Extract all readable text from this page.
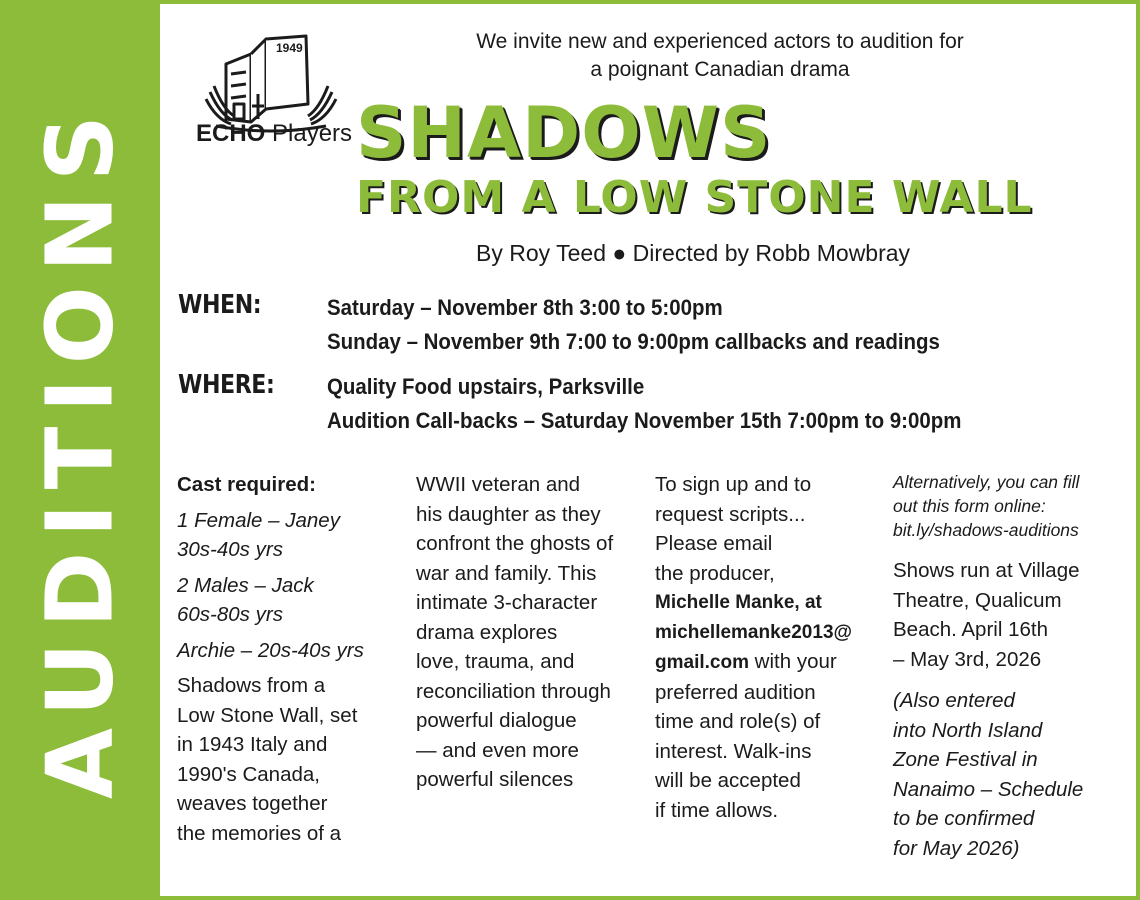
AUDITIONS
1949
ECHO Players
We invite new and experienced actors to audition for
a poignant Canadian drama
SHADOWS
FROM A LOW STONE WALL
By Roy Teed ● Directed by Robb Mowbray
WHEN:	Saturday – November 8th 3:00 to 5:00pm
Sunday – November 9th 7:00 to 9:00pm callbacks and readings
WHERE: Quality Food upstairs, Parksville
Audition Call-backs – Saturday November 15th 7:00pm to 9:00pm

Cast required:

1 Female – Janey

30s-40s yrs

2 Males – Jack

60s-80s yrs

Archie – 20s-40s yrs

Shadows from a

Low Stone Wall, set

in 1943 Italy and

1990's Canada,

weaves together

the memories of a

WWII veteran and

his daughter as they

confront the ghosts of

war and family. This

intimate 3-character

drama explores

love, trauma, and

reconciliation through

powerful dialogue

— and even more

powerful silences

To sign up and to

request scripts...

Please email

the producer,

Michelle Manke, at

michellemanke2013@

gmail.com with your

preferred audition

time and role(s) of

interest. Walk-ins

will be accepted

if time allows.

Alternatively, you can fill

out this form online:

bit.ly/shadows-auditions

Shows run at Village

Theatre, Qualicum

Beach. April 16th

– May 3rd, 2026

(Also entered

into North Island

Zone Festival in

Nanaimo – Schedule

to be confirmed

for May 2026)
